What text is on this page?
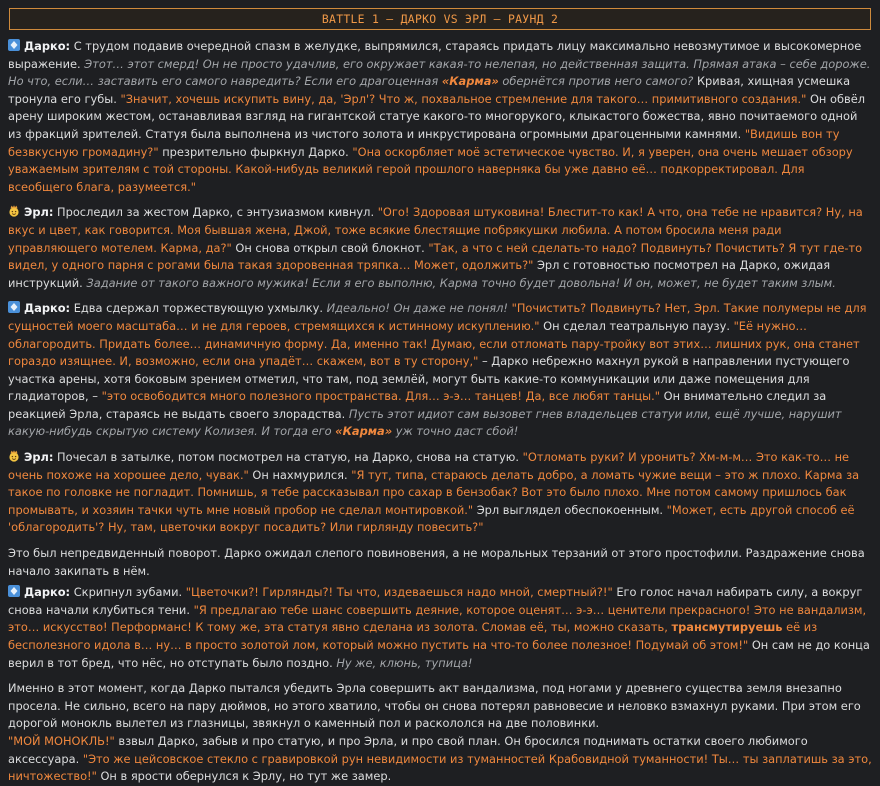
BATTLE 1 – ДАРКО VS ЭРЛ – РАУНД 2
Дарко: С трудом подавив очередной спазм в желудке, выпрямился, стараясь придать лицу максимально невозмутимое и высокомерное выражение. Этот… этот смерд! Он не просто удачлив, его окружает какая-то нелепая, но действенная защита. Прямая атака – себе дороже. Но что, если… заставить его самого навредить? Если его драгоценная «Карма» обернётся против него самого? Кривая, хищная усмешка тронула его губы. "Значит, хочешь искупить вину, да, 'Эрл'? Что ж, похвальное стремление для такого… примитивного создания." Он обвёл арену широким жестом, останавливая взгляд на гигантской статуе какого-то многорукого, клыкастого божества, явно почитаемого одной из фракций зрителей. Статуя была выполнена из чистого золота и инкрустирована огромными драгоценными камнями. "Видишь вон ту безвкусную громадину?" презрительно фыркнул Дарко. "Она оскорбляет моё эстетическое чувство. И, я уверен, она очень мешает обзору уважаемым зрителям с той стороны. Какой-нибудь великий герой прошлого наверняка бы уже давно её… подкорректировал. Для всеобщего блага, разумеется."
Эрл: Проследил за жестом Дарко, с энтузиазмом кивнул. "Ого! Здоровая штуковина! Блестит-то как! А что, она тебе не нравится? Ну, на вкус и цвет, как говорится. Моя бывшая жена, Джой, тоже всякие блестящие побрякушки любила. А потом бросила меня ради управляющего мотелем. Карма, да?" Он снова открыл свой блокнот. "Так, а что с ней сделать-то надо? Подвинуть? Почистить? Я тут где-то видел, у одного парня с рогами была такая здоровенная тряпка… Может, одолжить?" Эрл с готовностью посмотрел на Дарко, ожидая инструкций. Задание от такого важного мужика! Если я его выполню, Карма точно будет довольна! И он, может, не будет таким злым.
Дарко: Едва сдержал торжествующую ухмылку. Идеально! Он даже не понял! "Почистить? Подвинуть? Нет, Эрл. Такие полумеры не для сущностей моего масштаба… и не для героев, стремящихся к истинному искуплению." Он сделал театральную паузу. "Её нужно… облагородить. Придать более… динамичную форму. Да, именно так! Думаю, если отломать пару-тройку вот этих… лишних рук, она станет гораздо изящнее. И, возможно, если она упадёт… скажем, вот в ту сторону," – Дарко небрежно махнул рукой в направлении пустующего участка арены, хотя боковым зрением отметил, что там, под землёй, могут быть какие-то коммуникации или даже помещения для гладиаторов, – "это освободится много полезного пространства. Для… э-э… танцев! Да, все любят танцы." Он внимательно следил за реакцией Эрла, стараясь не выдать своего злорадства. Пусть этот идиот сам вызовет гнев владельцев статуи или, ещё лучше, нарушит какую-нибудь скрытую систему Колизея. И тогда его «Карма» уж точно даст сбой!
Эрл: Почесал в затылке, потом посмотрел на статую, на Дарко, снова на статую. "Отломать руки? И уронить? Хм-м-м… Это как-то… не очень похоже на хорошее дело, чувак." Он нахмурился. "Я тут, типа, стараюсь делать добро, а ломать чужие вещи – это ж плохо. Карма за такое по головке не погладит. Помнишь, я тебе рассказывал про сахар в бензобак? Вот это было плохо. Мне потом самому пришлось бак промывать, и хозяин тачки чуть мне новый пробор не сделал монтировкой." Эрл выглядел обеспокоенным. "Может, есть другой способ её 'облагородить'? Ну, там, цветочки вокруг посадить? Или гирлянду повесить?"
Это был непредвиденный поворот. Дарко ожидал слепого повиновения, а не моральных терзаний от этого простофили. Раздражение снова начало закипать в нём.
Дарко: Скрипнул зубами. "Цветочки?! Гирлянды?! Ты что, издеваешься надо мной, смертный?!" Его голос начал набирать силу, а вокруг снова начали клубиться тени. "Я предлагаю тебе шанс совершить деяние, которое оценят… э-э… ценители прекрасного! Это не вандализм, это… искусство! Перформанс! К тому же, эта статуя явно сделана из золота. Сломав её, ты, можно сказать, трансмутируешь её из бесполезного идола в… ну… в просто золотой лом, который можно пустить на что-то более полезное! Подумай об этом!" Он сам не до конца верил в тот бред, что нёс, но отступать было поздно. Ну же, клюнь, тупица!
Именно в этот момент, когда Дарко пытался убедить Эрла совершить акт вандализма, под ногами у древнего существа земля внезапно просела. Не сильно, всего на пару дюймов, но этого хватило, чтобы он снова потерял равновесие и неловко взмахнул руками. При этом его дорогой монокль вылетел из глазницы, звякнул о каменный пол и раскололся на две половинки.
"МОЙ МОНОКЛЬ!" взвыл Дарко, забыв и про статую, и про Эрла, и про свой план. Он бросился поднимать остатки своего любимого аксессуара. "Это же цейсовское стекло с гравировкой рун невидимости из туманностей Крабовидной туманности! Ты… ты заплатишь за это, ничтожество!" Он в ярости обернулся к Эрлу, но тут же замер.
